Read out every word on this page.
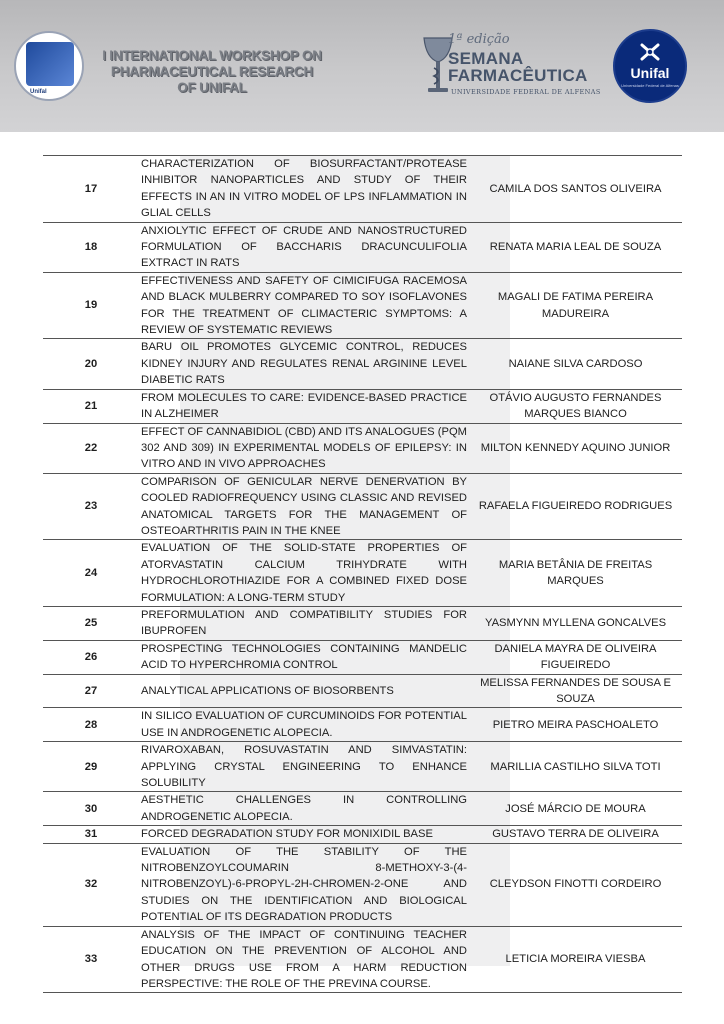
Unifal
I INTERNATIONAL WORKSHOP ON
PHARMACEUTICAL RESEARCH
OF UNIFAL
1ª edição
SEMANA
FARMACÊUTICA
UNIVERSIDADE FEDERAL DE ALFENAS
Unifal
Universidade Federal de Alfenas
17	CHARACTERIZATION OF BIOSURFACTANT/PROTEASE INHIBITOR NANOPARTICLES AND STUDY OF THEIR EFFECTS IN AN IN VITRO MODEL OF LPS INFLAMMATION IN GLIAL CELLS	CAMILA DOS SANTOS OLIVEIRA
18	ANXIOLYTIC EFFECT OF CRUDE AND NANOSTRUCTURED FORMULATION OF BACCHARIS DRACUNCULIFOLIA EXTRACT IN RATS	RENATA MARIA LEAL DE SOUZA
19	EFFECTIVENESS AND SAFETY OF CIMICIFUGA RACEMOSA AND BLACK MULBERRY COMPARED TO SOY ISOFLAVONES FOR THE TREATMENT OF CLIMACTERIC SYMPTOMS: A REVIEW OF SYSTEMATIC REVIEWS	MAGALI DE FATIMA PEREIRA MADUREIRA
20	BARU OIL PROMOTES GLYCEMIC CONTROL, REDUCES KIDNEY INJURY AND REGULATES RENAL ARGININE LEVEL DIABETIC RATS	NAIANE SILVA CARDOSO
21	FROM MOLECULES TO CARE: EVIDENCE-BASED PRACTICE IN ALZHEIMER	OTÁVIO AUGUSTO FERNANDES MARQUES BIANCO
22	EFFECT OF CANNABIDIOL (CBD) AND ITS ANALOGUES (PQM 302 AND 309) IN EXPERIMENTAL MODELS OF EPILEPSY: IN VITRO AND IN VIVO APPROACHES	MILTON KENNEDY AQUINO JUNIOR
23	COMPARISON OF GENICULAR NERVE DENERVATION BY COOLED RADIOFREQUENCY USING CLASSIC AND REVISED ANATOMICAL TARGETS FOR THE MANAGEMENT OF OSTEOARTHRITIS PAIN IN THE KNEE	RAFAELA FIGUEIREDO RODRIGUES
24	EVALUATION OF THE SOLID-STATE PROPERTIES OF ATORVASTATIN CALCIUM TRIHYDRATE WITH HYDROCHLOROTHIAZIDE FOR A COMBINED FIXED DOSE FORMULATION: A LONG-TERM STUDY	MARIA BETÂNIA DE FREITAS MARQUES
25	PREFORMULATION AND COMPATIBILITY STUDIES FOR IBUPROFEN	YASMYNN MYLLENA GONCALVES
26	PROSPECTING TECHNOLOGIES CONTAINING MANDELIC ACID TO HYPERCHROMIA CONTROL	DANIELA MAYRA DE OLIVEIRA FIGUEIREDO
27	ANALYTICAL APPLICATIONS OF BIOSORBENTS	MELISSA FERNANDES DE SOUSA E SOUZA
28	IN SILICO EVALUATION OF CURCUMINOIDS FOR POTENTIAL USE IN ANDROGENETIC ALOPECIA.	PIETRO MEIRA PASCHOALETO
29	RIVAROXABAN, ROSUVASTATIN AND SIMVASTATIN: APPLYING CRYSTAL ENGINEERING TO ENHANCE SOLUBILITY	MARILLIA CASTILHO SILVA TOTI
30	AESTHETIC CHALLENGES IN CONTROLLING ANDROGENETIC ALOPECIA.	JOSÉ MÁRCIO DE MOURA
31	FORCED DEGRADATION STUDY FOR MONIXIDIL BASE	GUSTAVO TERRA DE OLIVEIRA
32	EVALUATION OF THE STABILITY OF THE NITROBENZOYLCOUMARIN 8-METHOXY-3-(4-NITROBENZOYL)-6-PROPYL-2H-CHROMEN-2-ONE AND STUDIES ON THE IDENTIFICATION AND BIOLOGICAL POTENTIAL OF ITS DEGRADATION PRODUCTS	CLEYDSON FINOTTI CORDEIRO
33	ANALYSIS OF THE IMPACT OF CONTINUING TEACHER EDUCATION ON THE PREVENTION OF ALCOHOL AND OTHER DRUGS USE FROM A HARM REDUCTION PERSPECTIVE: THE ROLE OF THE PREVINA COURSE.	LETICIA MOREIRA VIESBA
